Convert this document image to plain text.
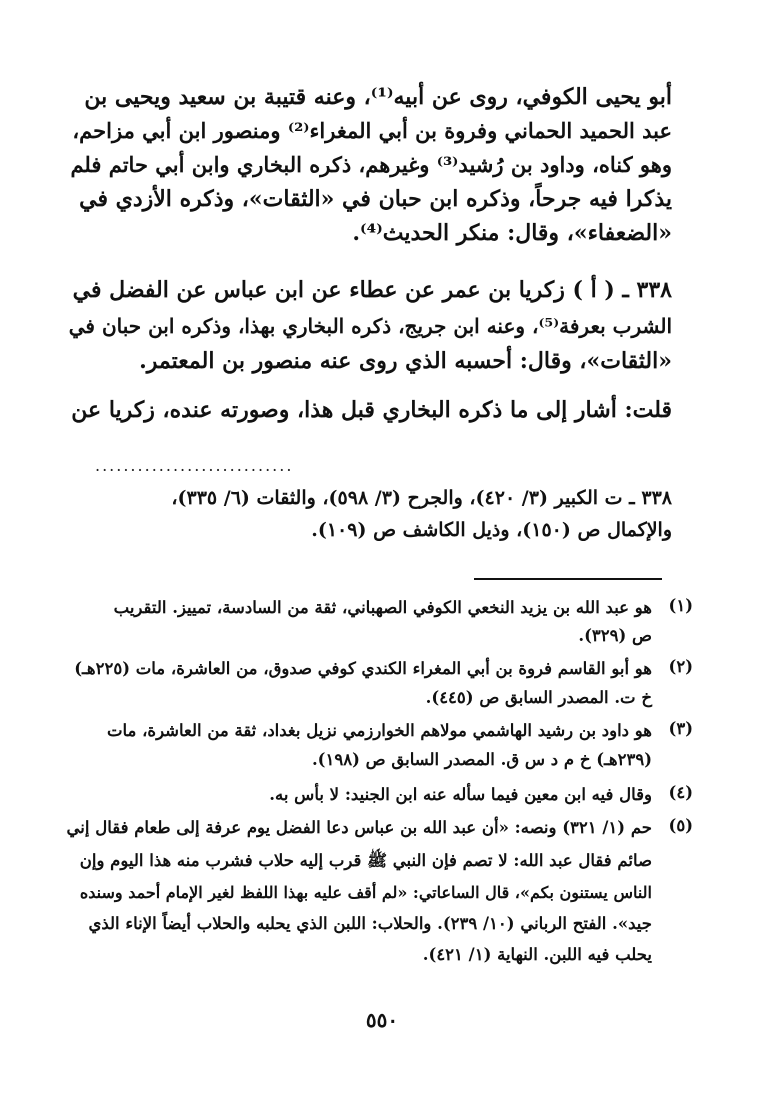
أبو يحيى الكوفي، روى عن أبيه⁽¹⁾، وعنه قتيبة بن سعيد ويحيى بن
عبد الحميد الحماني وفروة بن أبي المغراء⁽²⁾ ومنصور ابن أبي مزاحم،
وهو كناه، وداود بن رُشيد⁽³⁾ وغيرهم، ذكره البخاري وابن أبي حاتم فلم
يذكرا فيه جرحاً، وذكره ابن حبان في «الثقات»، وذكره الأزدي في
«الضعفاء»، وقال: منكر الحديث⁽⁴⁾.
٣٣٨ ـ ( أ ) زكريا بن عمر عن عطاء عن ابن عباس عن الفضل في
الشرب بعرفة⁽⁵⁾، وعنه ابن جريج، ذكره البخاري بهذا، وذكره ابن حبان في
«الثقات»، وقال: أحسبه الذي روى عنه منصور بن المعتمر.
قلت: أشار إلى ما ذكره البخاري قبل هذا، وصورته عنده، زكريا عن
............................
٣٣٨ ـ ت الكبير (٣/ ٤٢٠)، والجرح (٣/ ٥٩٨)، والثقات (٦/ ٣٣٥)،
والإكمال ص (١٥٠)، وذيل الكاشف ص (١٠٩).
(١)
هو عبد الله بن يزيد النخعي الكوفي الصهباني، ثقة من السادسة، تمييز. التقريب
ص (٣٢٩).
(٢)
هو أبو القاسم فروة بن أبي المغراء الكندي كوفي صدوق، من العاشرة، مات (٢٢٥هـ)
خ ت. المصدر السابق ص (٤٤٥).
(٣)
هو داود بن رشيد الهاشمي مولاهم الخوارزمي نزيل بغداد، ثقة من العاشرة، مات
(٢٣٩هـ) خ م د س ق. المصدر السابق ص (١٩٨).
(٤)
وقال فيه ابن معين فيما سأله عنه ابن الجنيد: لا بأس به.
(٥)
حم (١/ ٣٢١) ونصه: «أن عبد الله بن عباس دعا الفضل يوم عرفة إلى طعام فقال إني
صائم فقال عبد الله: لا تصم فإن النبي ﷺ قرب إليه حلاب فشرب منه هذا اليوم وإن
الناس يستنون بكم»، قال الساعاتي: «لم أقف عليه بهذا اللفظ لغير الإمام أحمد وسنده
جيد». الفتح الرباني (١٠/ ٢٣٩). والحلاب: اللبن الذي يحلبه والحلاب أيضاً الإناء الذي
يحلب فيه اللبن. النهاية (١/ ٤٢١).
٥٥٠
